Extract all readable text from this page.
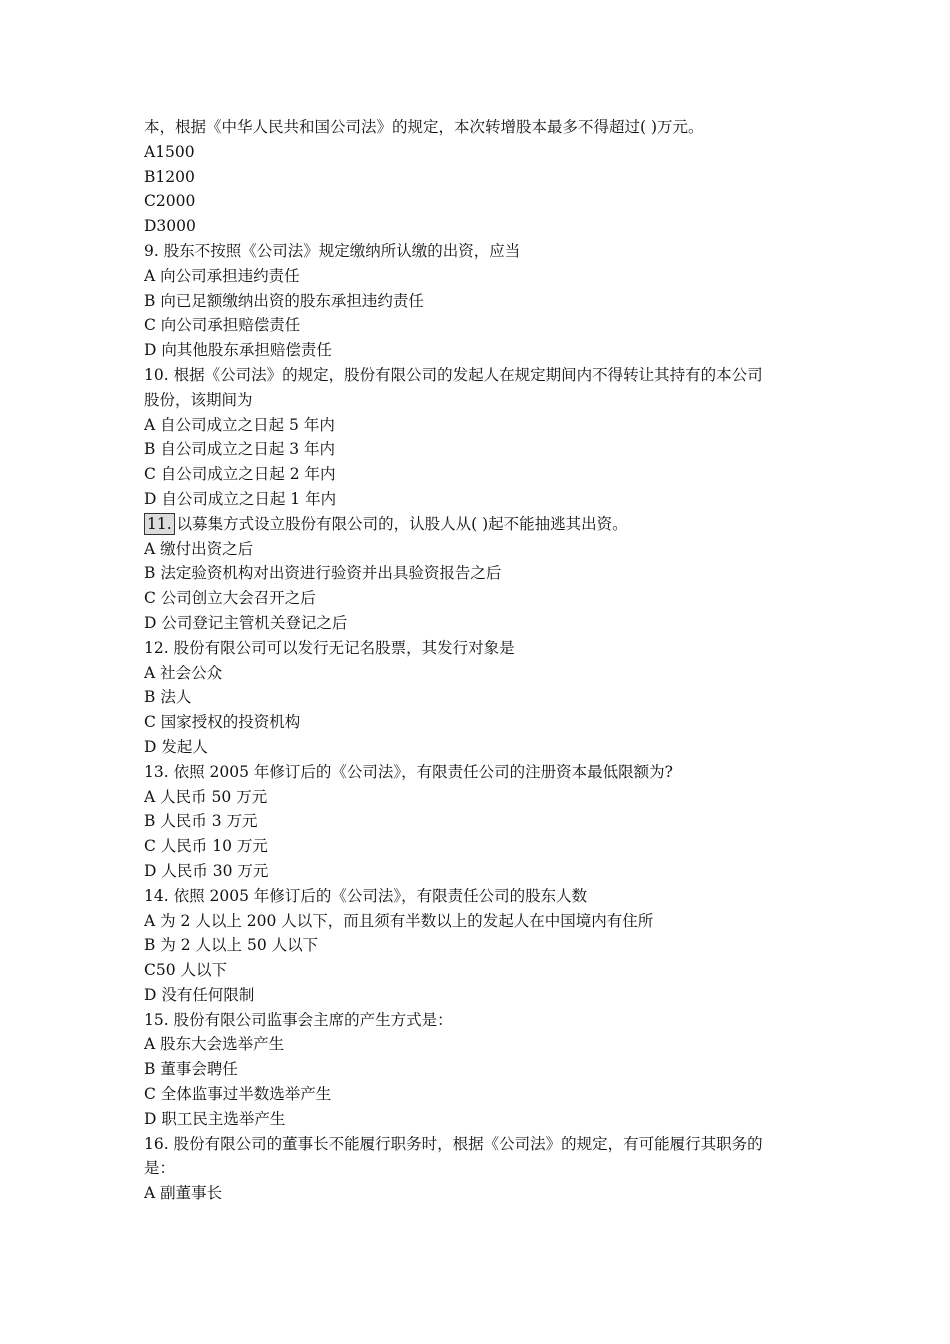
本，根据《中华人民共和国公司法》的规定，本次转增股本最多不得超过( )万元。
A1500
B1200
C2000
D3000
9. 股东不按照《公司法》规定缴纳所认缴的出资，应当
A 向公司承担违约责任
B 向已足额缴纳出资的股东承担违约责任
C 向公司承担赔偿责任
D 向其他股东承担赔偿责任
10. 根据《公司法》的规定，股份有限公司的发起人在规定期间内不得转让其持有的本公司
股份，该期间为
A 自公司成立之日起 5 年内
B 自公司成立之日起 3 年内
C 自公司成立之日起 2 年内
D 自公司成立之日起 1 年内
11. 以募集方式设立股份有限公司的，认股人从( )起不能抽逃其出资。
A 缴付出资之后
B 法定验资机构对出资进行验资并出具验资报告之后
C 公司创立大会召开之后
D 公司登记主管机关登记之后
12. 股份有限公司可以发行无记名股票，其发行对象是
A 社会公众
B 法人
C 国家授权的投资机构
D 发起人
13. 依照 2005 年修订后的《公司法》，有限责任公司的注册资本最低限额为?
A 人民币 50 万元
B 人民币 3 万元
C 人民币 10 万元
D 人民币 30 万元
14. 依照 2005 年修订后的《公司法》，有限责任公司的股东人数
A 为 2 人以上 200 人以下，而且须有半数以上的发起人在中国境内有住所
B 为 2 人以上 50 人以下
C50 人以下
D 没有任何限制
15. 股份有限公司监事会主席的产生方式是：
A 股东大会选举产生
B 董事会聘任
C 全体监事过半数选举产生
D 职工民主选举产生
16. 股份有限公司的董事长不能履行职务时，根据《公司法》的规定，有可能履行其职务的
是：
A 副董事长
